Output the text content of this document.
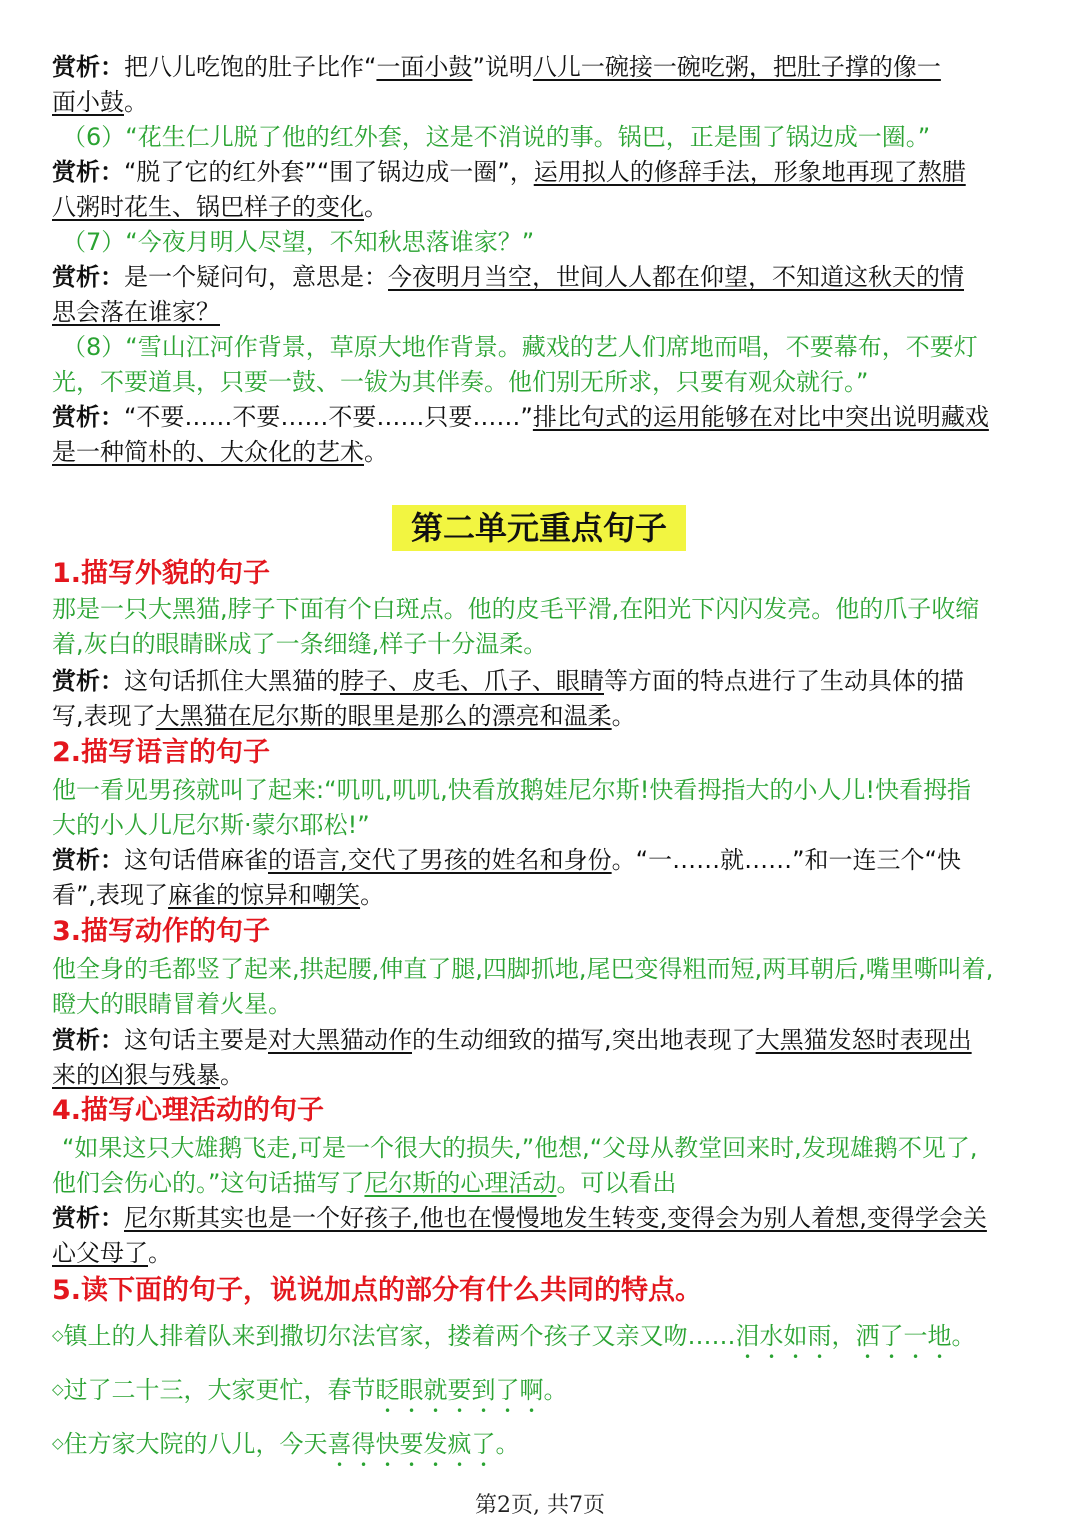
赏析：把八儿吃饱的肚子比作“一面小鼓”说明八儿一碗接一碗吃粥，把肚子撑的像一
面小鼓。
（6）“花生仁儿脱了他的红外套，这是不消说的事。锅巴，正是围了锅边成一圈。”
赏析：“脱了它的红外套”“围了锅边成一圈”，运用拟人的修辞手法，形象地再现了熬腊
八粥时花生、锅巴样子的变化。
（7）“今夜月明人尽望，不知秋思落谁家？”
赏析：是一个疑问句，意思是：今夜明月当空，世间人人都在仰望，不知道这秋天的情
思会落在谁家？
（8）“雪山江河作背景，草原大地作背景。藏戏的艺人们席地而唱，不要幕布，不要灯
光，不要道具，只要一鼓、一钹为其伴奏。他们别无所求，只要有观众就行。”
赏析：“不要……不要……不要……只要……”排比句式的运用能够在对比中突出说明藏戏
是一种简朴的、大众化的艺术。
第二单元重点句子
1.描写外貌的句子
那是一只大黑猫,脖子下面有个白斑点。他的皮毛平滑,在阳光下闪闪发亮。他的爪子收缩
着,灰白的眼睛眯成了一条细缝,样子十分温柔。
赏析：这句话抓住大黑猫的脖子、皮毛、爪子、眼睛等方面的特点进行了生动具体的描
写,表现了大黑猫在尼尔斯的眼里是那么的漂亮和温柔。
2.描写语言的句子
他一看见男孩就叫了起来:“叽叽,叽叽,快看放鹅娃尼尔斯!快看拇指大的小人儿!快看拇指
大的小人儿尼尔斯·蒙尔耶松!”
赏析：这句话借麻雀的语言,交代了男孩的姓名和身份。“一……就……”和一连三个“快
看”,表现了麻雀的惊异和嘲笑。
3.描写动作的句子
他全身的毛都竖了起来,拱起腰,伸直了腿,四脚抓地,尾巴变得粗而短,两耳朝后,嘴里嘶叫着,
瞪大的眼睛冒着火星。
赏析：这句话主要是对大黑猫动作的生动细致的描写,突出地表现了大黑猫发怒时表现出
来的凶狠与残暴。
4.描写心理活动的句子
“如果这只大雄鹅飞走,可是一个很大的损失,”他想,“父母从教堂回来时,发现雄鹅不见了,
他们会伤心的。”这句话描写了尼尔斯的心理活动。可以看出
赏析：尼尔斯其实也是一个好孩子,他也在慢慢地发生转变,变得会为别人着想,变得学会关
心父母了。
5.读下面的句子，说说加点的部分有什么共同的特点。
◇镇上的人排着队来到撒切尔法官家，搂着两个孩子又亲又吻……泪水如雨，洒了一地。
◇过了二十三，大家更忙，春节眨眼就要到了啊。
◇住方家大院的八儿，今天喜得快要发疯了。
第2页, 共7页
